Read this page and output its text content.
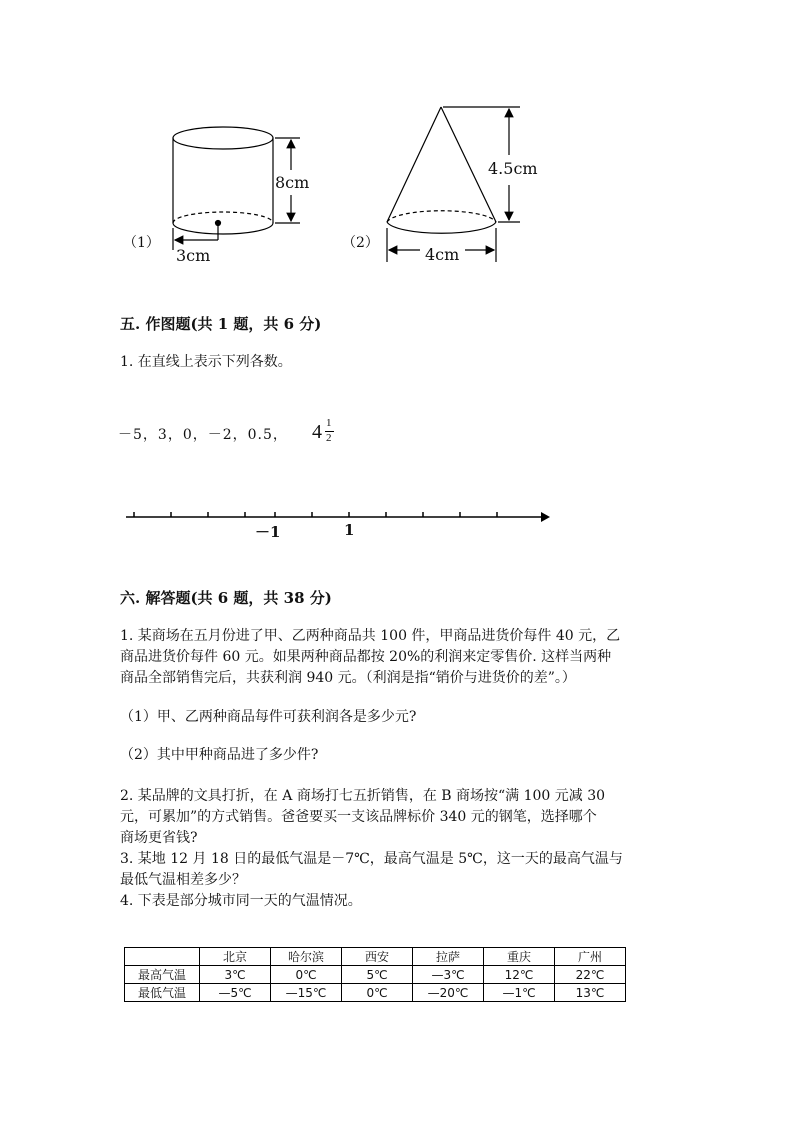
（1）
8cm
3cm
（2）
4.5cm
4cm
五. 作图题(共 1 题，共 6 分)
1. 在直线上表示下列各数。
－5，3，0，－2，0.5， 4 1
2
－1	1
六. 解答题(共 6 题，共 38 分)
1. 某商场在五月份进了甲、乙两种商品共 100 件，甲商品进货价每件 40 元，乙
商品进货价每件 60 元。如果两种商品都按 20%的利润来定零售价. 这样当两种
商品全部销售完后，共获利润 940 元。（利润是指“销价与进货价的差”。）
（1）甲、乙两种商品每件可获利润各是多少元?
（2）其中甲种商品进了多少件?
2. 某品牌的文具打折，在 A 商场打七五折销售，在 B 商场按“满 100 元减 30
元，可累加”的方式销售。爸爸要买一支该品牌标价 340 元的钢笔，选择哪个
商场更省钱?
3. 某地 12 月 18 日的最低气温是－7℃，最高气温是 5℃，这一天的最高气温与
最低气温相差多少？
4. 下表是部分城市同一天的气温情况。
	北京	哈尔滨	西安	拉萨	重庆	广州
最高气温	3℃	0℃	5℃	—3℃	12℃	22℃
最低气温	—5℃	—15℃	0℃	—20℃	—1℃	13℃
